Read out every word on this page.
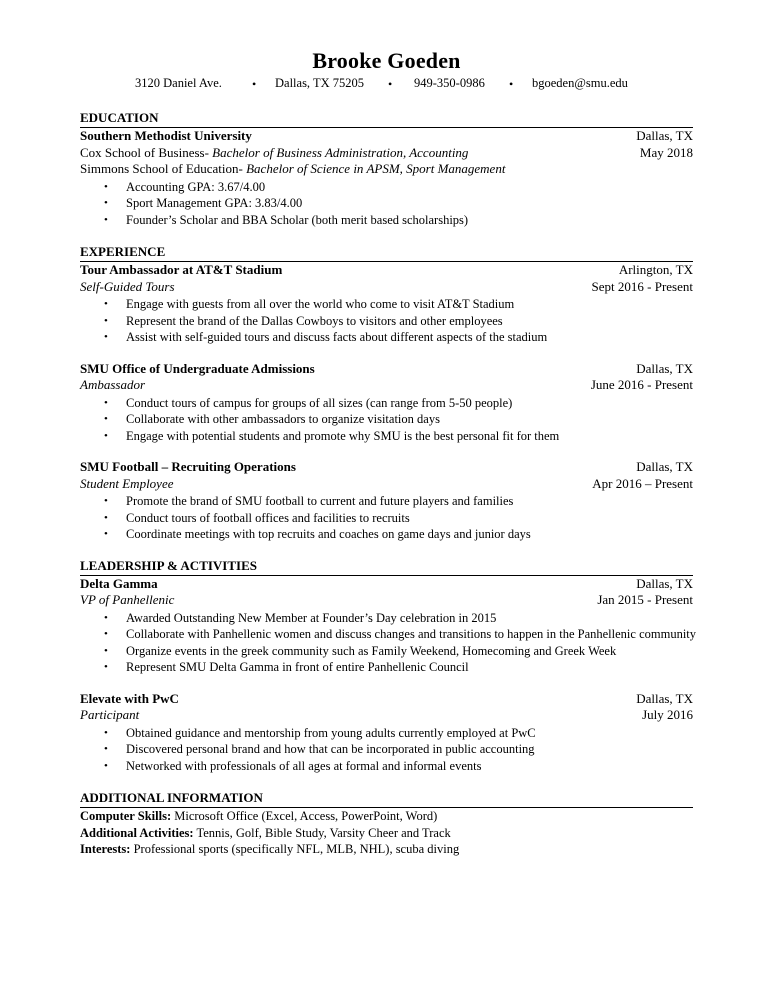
Brooke Goeden
3120 Daniel Ave.	• Dallas, TX 75205 • 949-350-0986 • bgoeden@smu.edu
EDUCATION
Southern Methodist University	Dallas, TX
Cox School of Business- Bachelor of Business Administration, Accounting	May 2018
Simmons School of Education- Bachelor of Science in APSM, Sport Management
• Accounting GPA: 3.67/4.00
• Sport Management GPA: 3.83/4.00
• Founder’s Scholar and BBA Scholar (both merit based scholarships)
EXPERIENCE
Tour Ambassador at AT&T Stadium	Arlington, TX
Self-Guided Tours	Sept 2016 - Present
• Engage with guests from all over the world who come to visit AT&T Stadium
• Represent the brand of the Dallas Cowboys to visitors and other employees
• Assist with self-guided tours and discuss facts about different aspects of the stadium
SMU Office of Undergraduate Admissions	Dallas, TX
Ambassador	June 2016 - Present
• Conduct tours of campus for groups of all sizes (can range from 5-50 people)
• Collaborate with other ambassadors to organize visitation days
• Engage with potential students and promote why SMU is the best personal fit for them
SMU Football – Recruiting Operations	Dallas, TX
Student Employee	Apr 2016 – Present
• Promote the brand of SMU football to current and future players and families
• Conduct tours of football offices and facilities to recruits
• Coordinate meetings with top recruits and coaches on game days and junior days
LEADERSHIP & ACTIVITIES
Delta Gamma	Dallas, TX
VP of Panhellenic	Jan 2015 - Present
• Awarded Outstanding New Member at Founder’s Day celebration in 2015
• Collaborate with Panhellenic women and discuss changes and transitions to happen in the Panhellenic community
• Organize events in the greek community such as Family Weekend, Homecoming and Greek Week
• Represent SMU Delta Gamma in front of entire Panhellenic Council
Elevate with PwC	Dallas, TX
Participant	July 2016
• Obtained guidance and mentorship from young adults currently employed at PwC
• Discovered personal brand and how that can be incorporated in public accounting
• Networked with professionals of all ages at formal and informal events
ADDITIONAL INFORMATION
Computer Skills: Microsoft Office (Excel, Access, PowerPoint, Word)
Additional Activities: Tennis, Golf, Bible Study, Varsity Cheer and Track
Interests: Professional sports (specifically NFL, MLB, NHL), scuba diving
